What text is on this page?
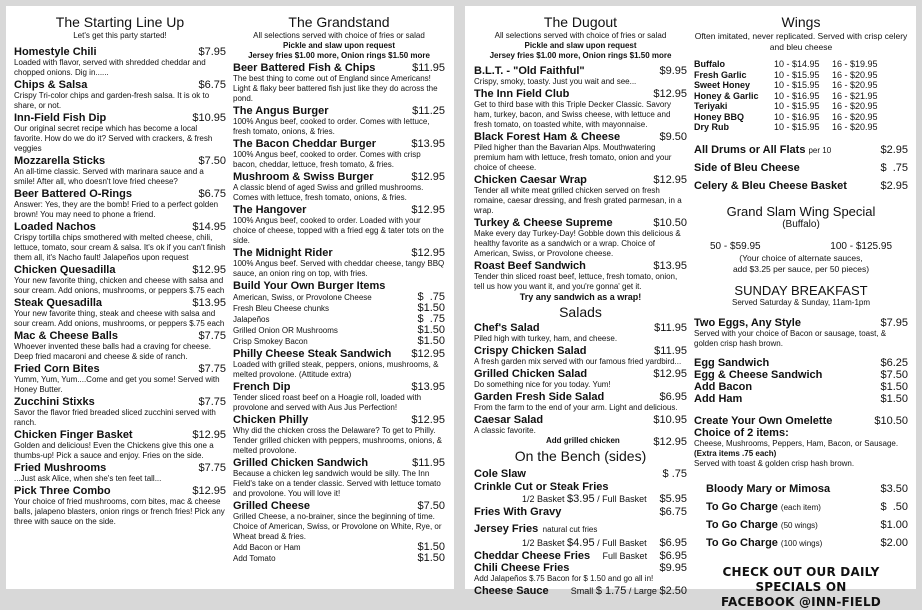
The Starting Line Up
Let's get this party started!
Homestyle Chili	$7.95
Loaded with flavor, served with shredded cheddar and chopped onions. Dig in......
Chips & Salsa	$6.75
Crispy Tri-color chips and garden-fresh salsa. It is ok to share, or not.
Inn-Field Fish Dip	$10.95
Our original secret recipe which has become a local favorite. How do we do it? Served with crackers, & fresh veggies
Mozzarella Sticks	$7.50
An all-time classic. Served with marinara sauce and a smile! After all, who doesn't love fried cheese?
Beer Battered O-Rings	$6.75
Answer: Yes, they are the bomb! Fried to a perfect golden brown! You may need to phone a friend.
Loaded Nachos	$14.95
Crispy tortilla chips smothered with melted cheese, chili, lettuce, tomato, sour cream & salsa. It's ok if you can't finish them all, it's Nacho fault! Jalapeños upon request
Chicken Quesadilla	$12.95
Your new favorite thing, chicken and cheese with salsa and sour cream. Add onions, mushrooms, or peppers $.75 each
Steak Quesadilla	$13.95
Your new favorite thing, steak and cheese with salsa and sour cream. Add onions, mushrooms, or peppers $.75 each
Mac & Cheese Balls	$7.75
Whoever invented these balls had a craving for cheese. Deep fried macaroni and cheese & side of ranch.
Fried Corn Bites	$7.75
Yumm, Yum, Yum....Come and get you some! Served with Honey Butter.
Zucchini Stixks	$7.75
Savor the flavor fried breaded sliced zucchini served with ranch.
Chicken Finger Basket	$12.95
Golden and delicious! Even the Chickens give this one a thumbs-up! Pick a sauce and enjoy. Fries on the side.
Fried Mushrooms	$7.75
...Just ask Alice, when she's ten feet tall...
Pick Three Combo	$12.95
Your choice of fried mushrooms, corn bites, mac & cheese balls, jalapeno blasters, onion rings or french fries! Pick any three with sauce on the side.
The Grandstand
All selections served with choice of fries or salad
Pickle and slaw upon request
Jersey fries $1.00 more, Onion rings $1.50 more
Beer Battered Fish & Chips	$11.95
The best thing to come out of England since Americans! Light & flaky beer battered fish just like they do across the pond.
The Angus Burger	$11.25
100% Angus beef, cooked to order. Comes with lettuce, fresh tomato, onions, & fries.
The Bacon Cheddar Burger	$13.95
100% Angus beef, cooked to order. Comes with crisp bacon, cheddar, lettuce, fresh tomato, & fries.
Mushroom & Swiss Burger	$12.95
A classic blend of aged Swiss and grilled mushrooms. Comes with lettuce, fresh tomato, onions, & fries.
The Hangover	$12.95
100% Angus beef, cooked to order. Loaded with your choice of cheese, topped with a fried egg & tater tots on the side.
The Midnight Rider	$12.95
100% Angus beef. Served with cheddar cheese, tangy BBQ sauce, an onion ring on top, with fries.
Build Your Own Burger Items
American, Swiss, or Provolone Cheese	$  .75
Fresh Bleu Cheese chunks	$1.50
Jalapeños	$  .75
Grilled Onion OR Mushrooms	$1.50
Crisp Smokey Bacon	$1.50
Philly Cheese Steak Sandwich $12.95
Loaded with grilled steak, peppers, onions, mushrooms, & melted provolone. (Attitude extra)
French Dip	$13.95
Tender sliced roast beef on a Hoagie roll, loaded with provolone and served with Aus Jus Perfection!
Chicken Philly	$12.95
Why did the chicken cross the Delaware? To get to Philly. Tender grilled chicken with peppers, mushrooms, onions, & melted provolone.
Grilled Chicken Sandwich	$11.95
Because a chicken leg sandwich would be silly. The Inn Field's take on a tender classic. Served with lettuce tomato and provolone. You will love it!
Grilled Cheese	$7.50
Grilled Cheese, a no-brainer, since the beginning of time. Choice of American, Swiss, or Provolone on White, Rye, or Wheat bread & fries.
Add Bacon or Ham	$1.50
Add Tomato	$1.50
The Dugout
All selections served with choice of fries or salad
Pickle and slaw upon request
Jersey fries $1.00 more, Onion rings $1.50 more
B.L.T. - "Old Faithful"	$9.95
Crispy, smoky, toasty. Just you wait and see...
The Inn Field Club	$12.95
Get to third base with this Triple Decker Classic. Savory ham, turkey, bacon, and Swiss cheese, with lettuce and fresh tomato, on toasted white, with mayonnaise.
Black Forest Ham & Cheese	$9.50
Piled higher than the Bavarian Alps. Mouthwatering premium ham with lettuce, fresh tomato, onion and your choice of cheese.
Chicken Caesar Wrap	$12.95
Tender all white meat grilled chicken served on fresh romaine, caesar dressing, and fresh grated parmesan, in a wrap.
Turkey & Cheese Supreme	$10.50
Make every day Turkey-Day! Gobble down this delicious & healthy favorite as a sandwich or a wrap. Choice of American, Swiss, or Provolone cheese.
Roast Beef Sandwich	$13.95
Tender thin sliced roast beef, lettuce, fresh tomato, onion, tell us how you want it, and you're gonna' get it.
Try any sandwich as a wrap!
Salads
Chef's Salad	$11.95
Piled high with turkey, ham, and cheese.
Crispy Chicken Salad	$11.95
A fresh garden mix served with our famous fried yardbird...
Grilled Chicken Salad	$12.95
Do something nice for you today. Yum!
Garden Fresh Side Salad	$6.95
From the farm to the end of your arm. Light and delicious.
Caesar Salad	$10.95
A classic favorite.
Add grilled chicken	$12.95
On the Bench (sides)
Cole Slaw	$ .75
Crinkle Cut or Steak Fries
1/2 Basket $3.95 / Full Basket $5.95
Fries With Gravy	$6.75
Jersey Fries natural cut fries
1/2 Basket $4.95 / Full Basket $6.95
Cheddar Cheese Fries Full Basket $6.95
Chili Cheese Fries	$9.95
Add Jalapeños $.75 Bacon for $ 1.50 and go all in!
Cheese Sauce Small $ 1.75 / Large $2.50
Wings
Often imitated, never replicated. Served with crisp celery and bleu cheese
Buffalo	10 - $14.95	16 - $19.95
Fresh Garlic	10 - $15.95	16 - $20.95
Sweet Honey	10 - $15.95	16 - $20.95
Honey & Garlic	10 - $16.95	16 - $21.95
Teriyaki	10 - $15.95	16 - $20.95
Honey BBQ	10 - $16.95	16 - $20.95
Dry Rub	10 - $15.95	16 - $20.95
All Drums or All Flats per 10	$2.95
Side of Bleu Cheese	$  .75
Celery & Bleu Cheese Basket	$2.95
Grand Slam Wing Special
(Buffalo)
50 - $59.95	100 - $125.95
(Your choice of alternate sauces,
add $3.25 per sauce, per 50 pieces)
SUNDAY BREAKFAST
Served Saturday & Sunday, 11am-1pm
Two Eggs, Any Style	$7.95
Served with your choice of Bacon or sausage, toast, & golden crisp hash brown.
Egg Sandwich	$6.25
Egg & Cheese Sandwich	$7.50
Add Bacon	$1.50
Add Ham	$1.50
Create Your Own Omelette	$10.50
Choice of 2 items:
Cheese, Mushrooms, Peppers, Ham, Bacon, or Sausage. (Extra items .75 each)
Served with toast & golden crisp hash brown.
Bloody Mary or Mimosa	$3.50
To Go Charge (each item)	$  .50
To Go Charge (50 wings)	$1.00
To Go Charge (100 wings)	$2.00
CHECK OUT OUR DAILY SPECIALS ON
FACEBOOK @INN-FIELD
